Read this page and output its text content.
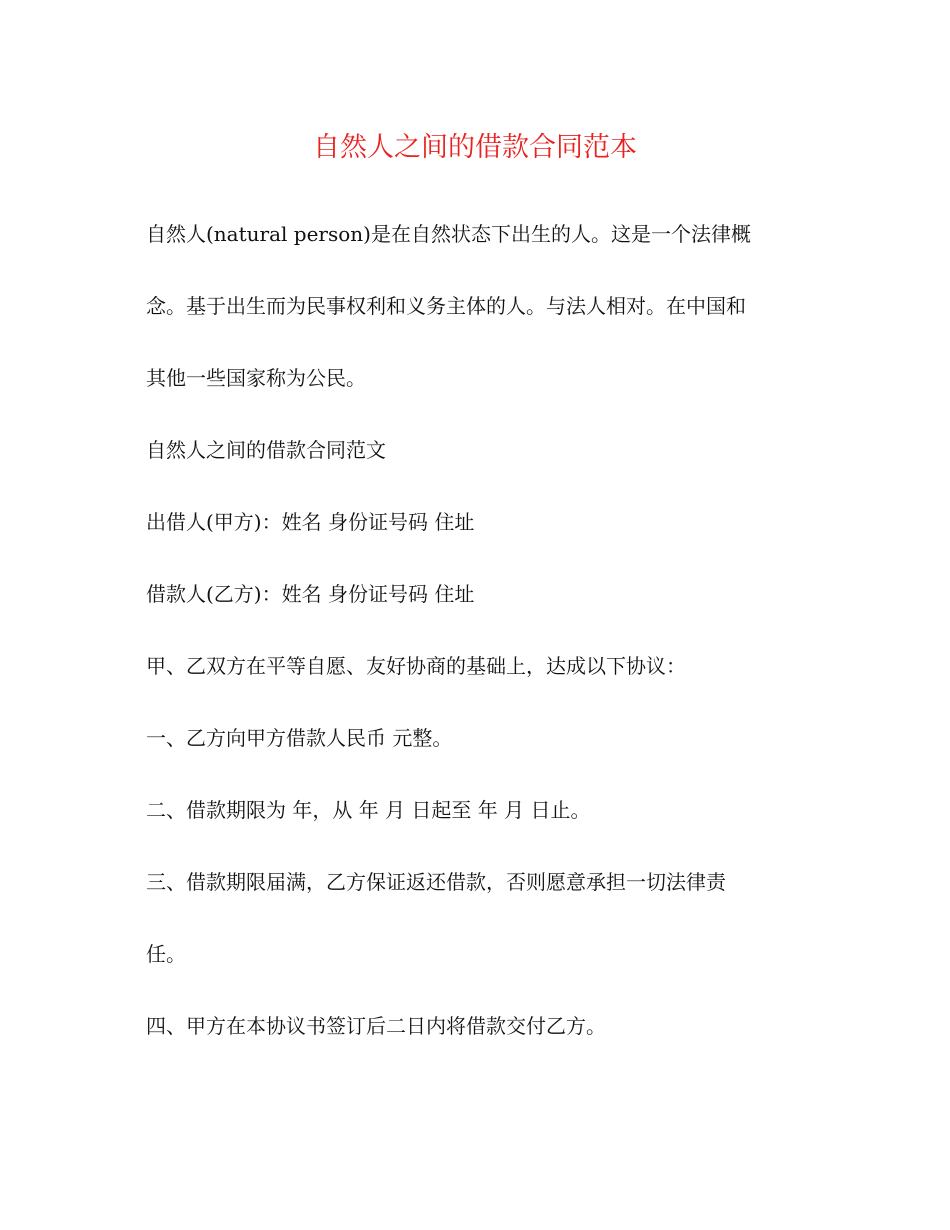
自然人之间的借款合同范本
自然人(natural person)是在自然状态下出生的人。这是一个法律概
念。基于出生而为民事权利和义务主体的人。与法人相对。在中国和
其他一些国家称为公民。
自然人之间的借款合同范文
出借人(甲方)：姓名 身份证号码 住址
借款人(乙方)：姓名 身份证号码 住址
甲、乙双方在平等自愿、友好协商的基础上，达成以下协议：
一、乙方向甲方借款人民币 元整。
二、借款期限为 年，从 年 月 日起至 年 月 日止。
三、借款期限届满，乙方保证返还借款，否则愿意承担一切法律责
任。
四、甲方在本协议书签订后二日内将借款交付乙方。
